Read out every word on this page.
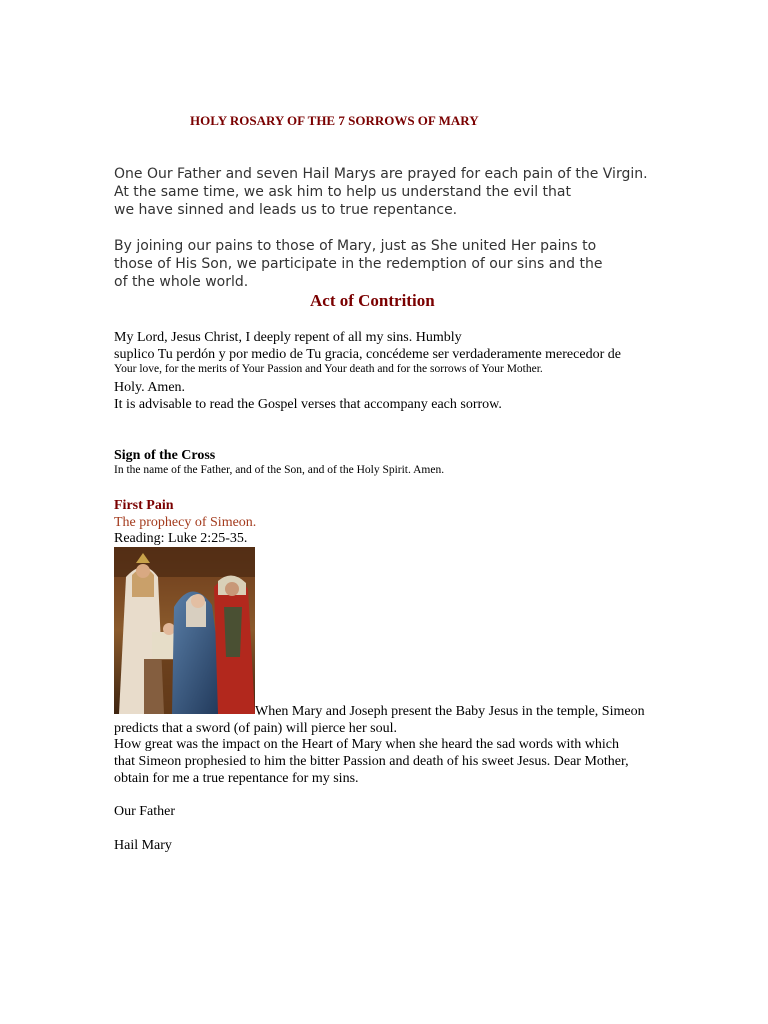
HOLY ROSARY OF THE 7 SORROWS OF MARY
One Our Father and seven Hail Marys are prayed for each pain of the Virgin.
At the same time, we ask him to help us understand the evil that
we have sinned and leads us to true repentance.
By joining our pains to those of Mary, just as She united Her pains to
those of His Son, we participate in the redemption of our sins and the
of the whole world.
Act of Contrition
My Lord, Jesus Christ, I deeply repent of all my sins. Humbly
suplico Tu perdón y por medio de Tu gracia, concédeme ser verdaderamente merecedor de
Your love, for the merits of Your Passion and Your death and for the sorrows of Your Mother.
Holy. Amen.
It is advisable to read the Gospel verses that accompany each sorrow.
Sign of the Cross
In the name of the Father, and of the Son, and of the Holy Spirit. Amen.
First Pain
The prophecy of Simeon.
Reading: Luke 2:25-35.
When Mary and Joseph present the Baby Jesus in the temple, Simeon
predicts that a sword (of pain) will pierce her soul.
How great was the impact on the Heart of Mary when she heard the sad words with which
that Simeon prophesied to him the bitter Passion and death of his sweet Jesus. Dear Mother,
obtain for me a true repentance for my sins.
Our Father
Hail Mary
